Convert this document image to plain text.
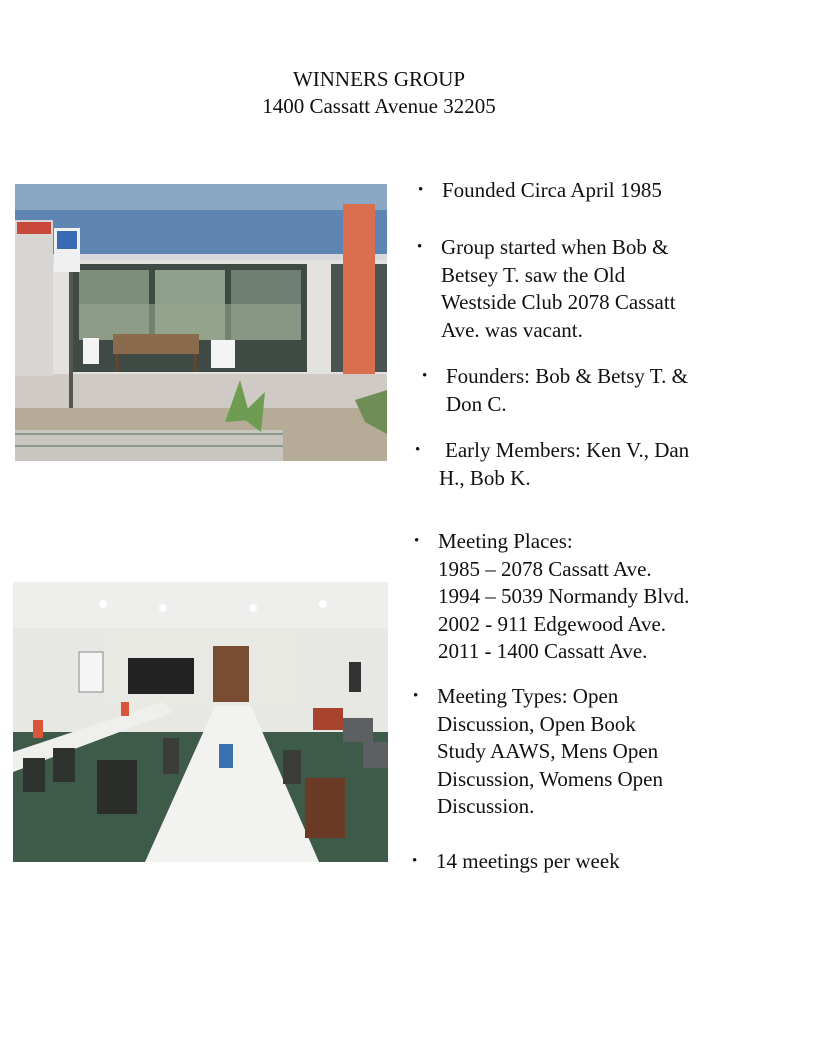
WINNERS GROUP
1400 Cassatt Avenue 32205
• Founded Circa April 1985
• Group started when Bob &
Betsey T. saw the Old
Westside Club 2078 Cassatt
Ave. was vacant.
• Founders: Bob & Betsy T. &
Don C.
• Early Members: Ken V., Dan
H., Bob K.
• Meeting Places:
1985 – 2078 Cassatt Ave.
1994 – 5039 Normandy Blvd.
2002 - 911 Edgewood Ave.
2011 - 1400 Cassatt Ave.
• Meeting Types: Open
Discussion, Open Book
Study AAWS, Mens Open
Discussion, Womens Open
Discussion.
• 14 meetings per week
